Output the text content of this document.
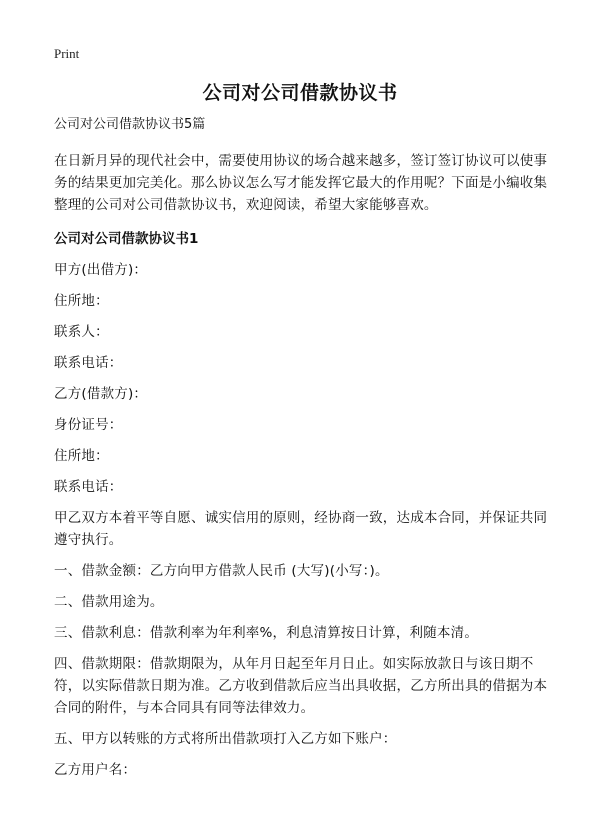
Print
公司对公司借款协议书
公司对公司借款协议书5篇
在日新月异的现代社会中，需要使用协议的场合越来越多，签订签订协议可以使事务的结果更加完美化。那么协议怎么写才能发挥它最大的作用呢？下面是小编收集整理的公司对公司借款协议书，欢迎阅读，希望大家能够喜欢。
公司对公司借款协议书1
甲方(出借方)：
住所地：
联系人：
联系电话：
乙方(借款方)：
身份证号：
住所地：
联系电话：
甲乙双方本着平等自愿、诚实信用的原则，经协商一致，达成本合同，并保证共同遵守执行。
一、借款金额：乙方向甲方借款人民币 (大写)(小写：)。
二、借款用途为。
三、借款利息：借款利率为年利率%，利息清算按日计算，利随本清。
四、借款期限：借款期限为，从年月日起至年月日止。如实际放款日与该日期不符，以实际借款日期为准。乙方收到借款后应当出具收据，乙方所出具的借据为本合同的附件，与本合同具有同等法律效力。
五、甲方以转账的方式将所出借款项打入乙方如下账户：
乙方用户名：
